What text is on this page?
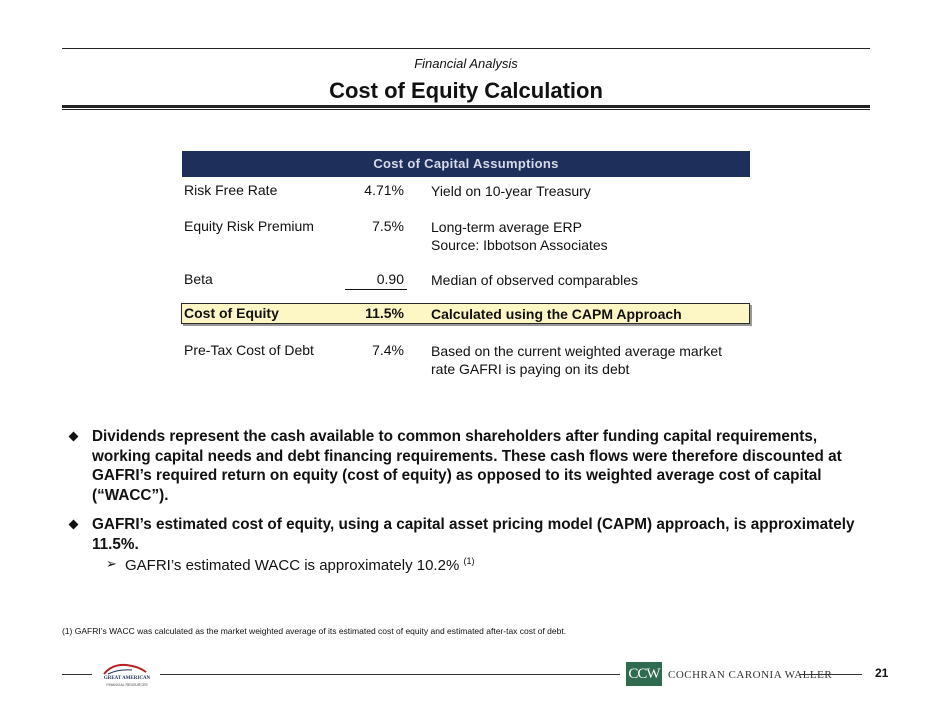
Financial Analysis
Cost of Equity Calculation
Cost of Capital Assumptions
Risk Free Rate	4.71% Yield on 10-year Treasury
Equity Risk Premium	7.5% Long-term average ERP
Source: Ibbotson Associates
Beta	0.90 Median of observed comparables
Cost of Equity	11.5% Calculated using the CAPM Approach
Pre-Tax Cost of Debt	7.4% Based on the current weighted average market
rate GAFRI is paying on its debt
Dividends represent the cash available to common shareholders after funding capital requirements, working capital needs and debt financing requirements. These cash flows were therefore discounted at GAFRI’s required return on equity (cost of equity) as opposed to its weighted average cost of capital (“WACC”).
GAFRI’s estimated cost of equity, using a capital asset pricing model (CAPM) approach, is approximately 11.5%.
➢ GAFRI’s estimated WACC is approximately 10.2% $^{(1)}$
(1) GAFRI’s WACC was calculated as the market weighted average of its estimated cost of equity and estimated after-tax cost of debt.
GREAT AMERICAN
FINANCIAL RESOURCES
CCW COCHRAN CARONIA WALLER	21
